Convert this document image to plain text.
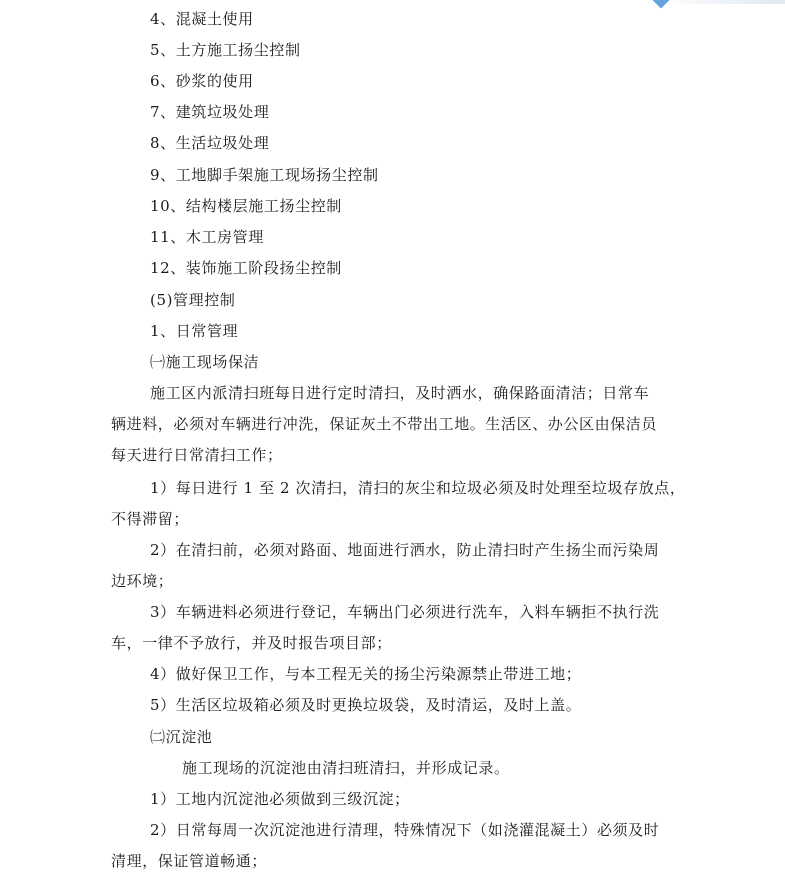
4、混凝土使用
5、土方施工扬尘控制
6、砂浆的使用
7、建筑垃圾处理
8、生活垃圾处理
9、工地脚手架施工现场扬尘控制
10、结构楼层施工扬尘控制
11、木工房管理
12、装饰施工阶段扬尘控制
(5)管理控制
1、日常管理
㈠施工现场保洁
施工区内派清扫班每日进行定时清扫，及时洒水，确保路面清洁；日常车
辆进料，必须对车辆进行冲洗，保证灰土不带出工地。生活区、办公区由保洁员
每天进行日常清扫工作；
1）每日进行 1 至 2 次清扫，清扫的灰尘和垃圾必须及时处理至垃圾存放点，
不得滞留；
2）在清扫前，必须对路面、地面进行洒水，防止清扫时产生扬尘而污染周
边环境；
3）车辆进料必须进行登记，车辆出门必须进行洗车，入料车辆拒不执行洗
车，一律不予放行，并及时报告项目部；
4）做好保卫工作，与本工程无关的扬尘污染源禁止带进工地；
5）生活区垃圾箱必须及时更换垃圾袋，及时清运，及时上盖。
㈡沉淀池
施工现场的沉淀池由清扫班清扫，并形成记录。
1）工地内沉淀池必须做到三级沉淀；
2）日常每周一次沉淀池进行清理，特殊情况下（如浇灌混凝土）必须及时
清理，保证管道畅通；
